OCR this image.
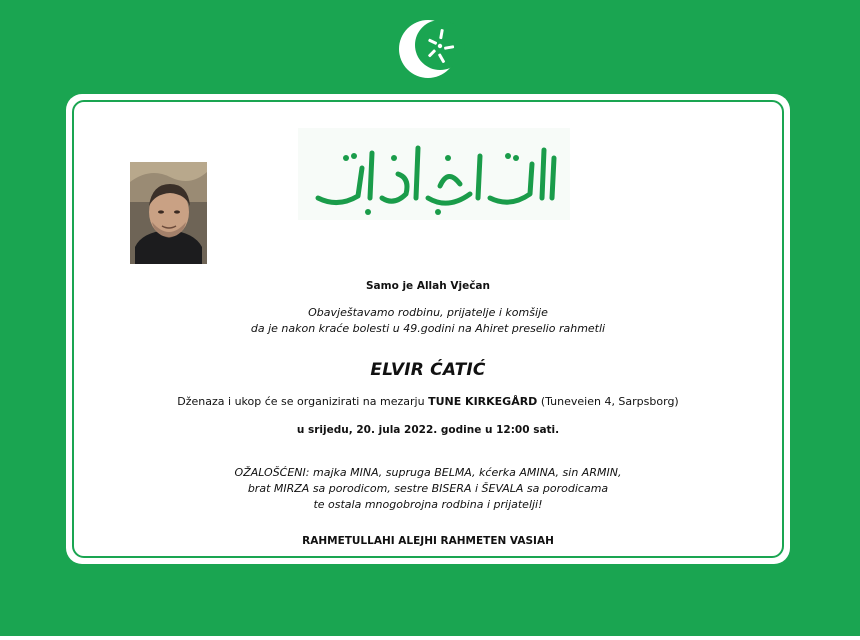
Samo je Allah Vječan
Obavještavamo rodbinu, prijatelje i komšije
da je nakon kraće bolesti u 49.godini na Ahiret preselio rahmetli
ELVIR ĆATIĆ
Dženaza i ukop će se organizirati na mezarju TUNE KIRKEGÅRD (Tuneveien 4, Sarpsborg)
u srijedu, 20. jula 2022. godine u 12:00 sati.
OŽALOŠĆENI: majka MINA, supruga BELMA, kćerka AMINA, sin ARMIN,
brat MIRZA sa porodicom, sestre BISERA i ŠEVALA sa porodicama
te ostala mnogobrojna rodbina i prijatelji!
RAHMETULLAHI ALEJHI RAHMETEN VASIAH
